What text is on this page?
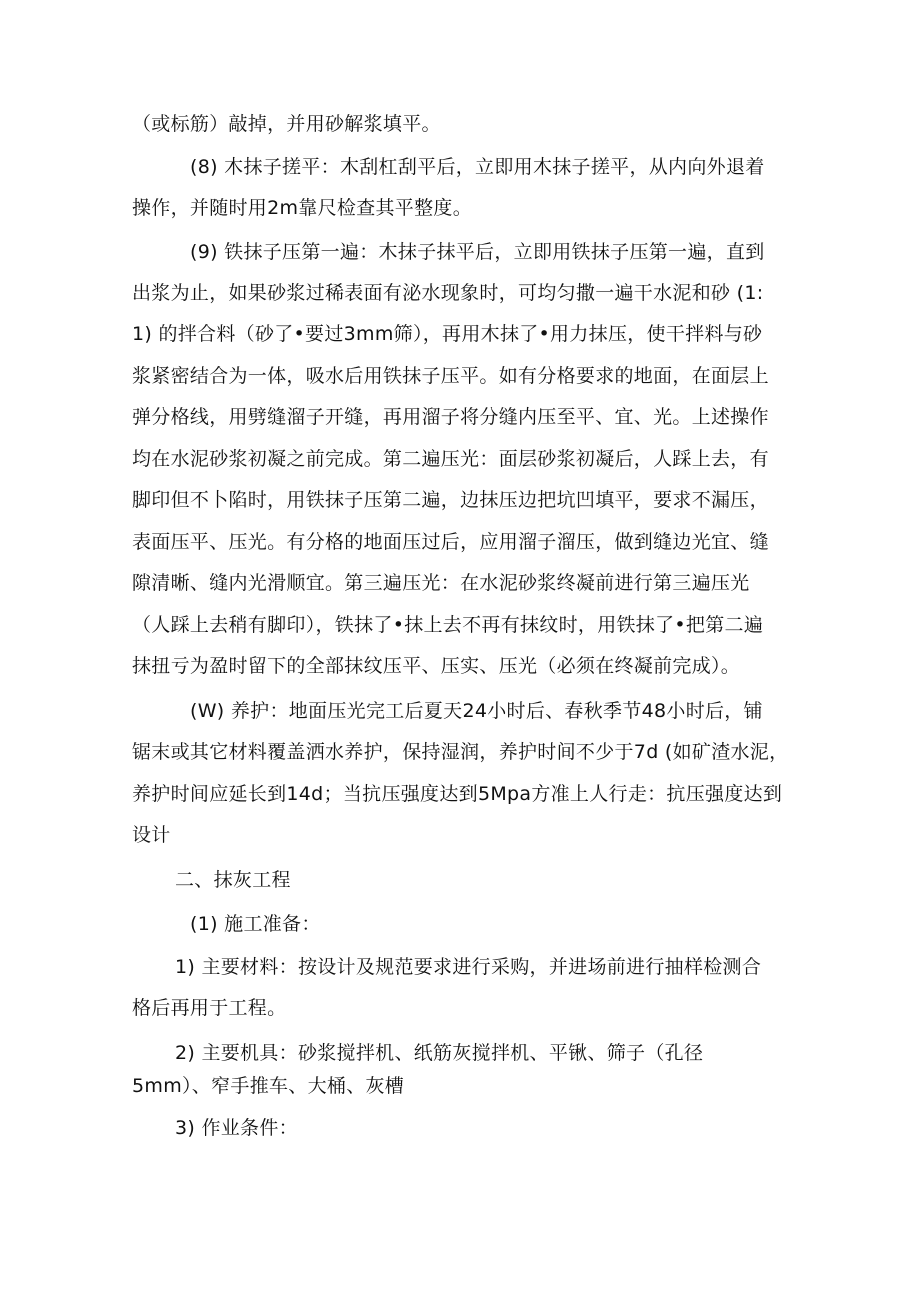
（或标筋）敲掉，并用砂解浆填平。
(8) 木抹子搓平：木刮杠刮平后，立即用木抹子搓平，从内向外退着
操作，并随时用2m靠尺检查其平整度。
(9) 铁抹子压第一遍：木抹子抹平后，立即用铁抹子压第一遍，直到
出浆为止，如果砂浆过稀表面有泌水现象时，可均匀撒一遍干水泥和砂 (1:
1) 的拌合料（砂了•要过3mm筛），再用木抹了•用力抹压，使干拌料与砂
浆紧密结合为一体，吸水后用铁抹子压平。如有分格要求的地面，在面层上
弹分格线，用劈缝溜子开缝，再用溜子将分缝内压至平、宜、光。上述操作
均在水泥砂浆初凝之前完成。第二遍压光：面层砂浆初凝后，人踩上去，有
脚印但不卜陷时，用铁抹子压第二遍，边抹压边把坑凹填平，要求不漏压，
表面压平、压光。有分格的地面压过后，应用溜子溜压，做到缝边光宜、缝
隙清晰、缝内光滑顺宜。第三遍压光：在水泥砂浆终凝前进行第三遍压光
（人踩上去稍有脚印），铁抹了•抹上去不再有抹纹时，用铁抹了•把第二遍
抹扭亏为盈时留下的全部抹纹压平、压实、压光（必须在终凝前完成）。
(W) 养护：地面压光完工后夏天24小时后、春秋季节48小时后，铺
锯末或其它材料覆盖洒水养护，保持湿润，养护时间不少于7d (如矿渣水泥，
养护时间应延长到14d；当抗压强度达到5Mpa方准上人行走：抗压强度达到
设计
二、抹灰工程
(1) 施工准备：
1) 主要材料：按设计及规范要求进行采购，并进场前进行抽样检测合
格后再用于工程。
2) 主要机具：砂浆搅拌机、纸筋灰搅拌机、平锹、筛子（孔径
5mm）、窄手推车、大桶、灰槽
3) 作业条件：
